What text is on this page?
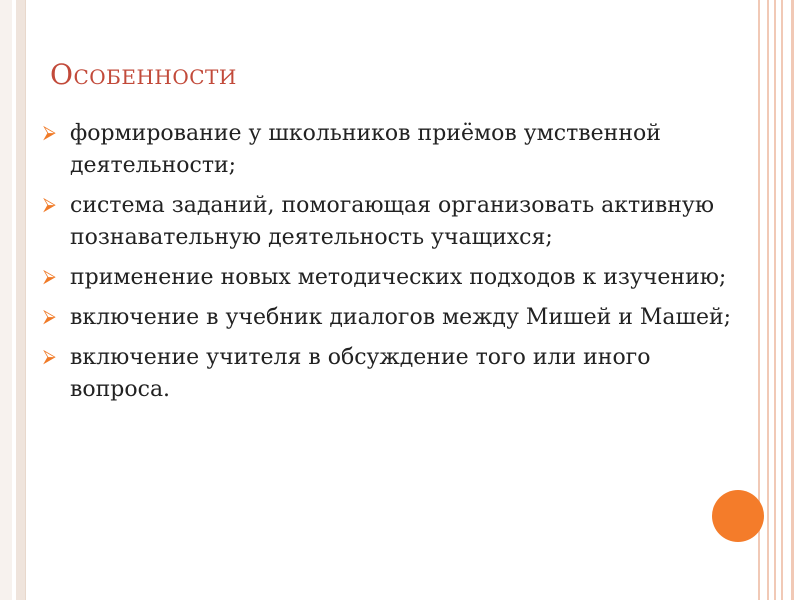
Особенности
⮚ формирование у школьников приёмов умственной деятельности;
⮚ система заданий, помогающая организовать активную познавательную деятельность учащихся;
⮚ применение новых методических подходов к изучению;
⮚ включение в учебник диалогов между Мишей и Машей;
⮚ включение учителя в обсуждение того или иного вопроса.
